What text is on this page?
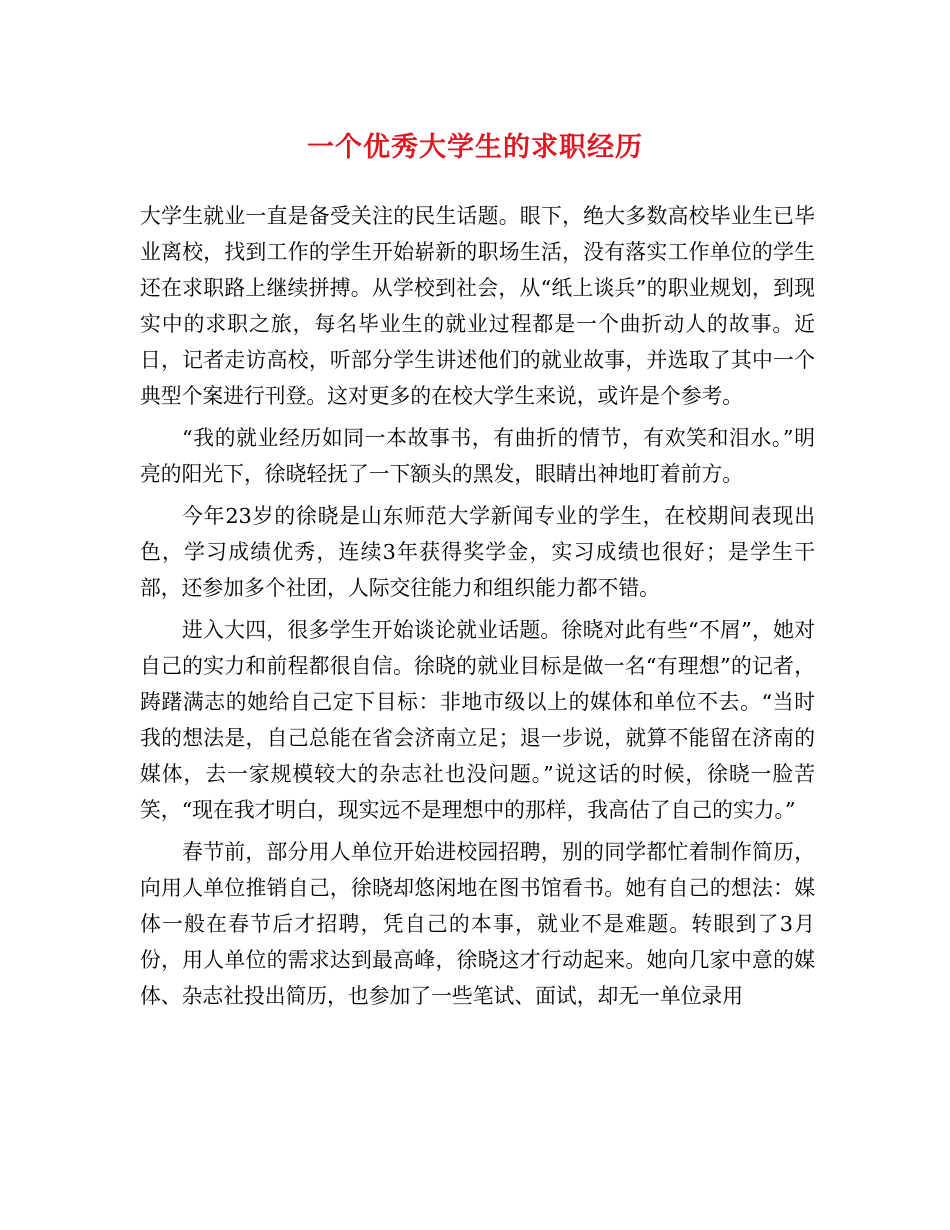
一个优秀大学生的求职经历

大学生就业一直是备受关注的民生话题。眼下，绝大多数高校毕业生已毕业离校，找到工作的学生开始崭新的职场生活，没有落实工作单位的学生还在求职路上继续拼搏。从学校到社会，从“纸上谈兵”的职业规划，到现实中的求职之旅，每名毕业生的就业过程都是一个曲折动人的故事。近日，记者走访高校，听部分学生讲述他们的就业故事，并选取了其中一个典型个案进行刊登。这对更多的在校大学生来说，或许是个参考。

“我的就业经历如同一本故事书，有曲折的情节，有欢笑和泪水。”明亮的阳光下，徐晓轻抚了一下额头的黑发，眼睛出神地盯着前方。

今年23岁的徐晓是山东师范大学新闻专业的学生，在校期间表现出色，学习成绩优秀，连续3年获得奖学金，实习成绩也很好；是学生干部，还参加多个社团，人际交往能力和组织能力都不错。

进入大四，很多学生开始谈论就业话题。徐晓对此有些“不屑”，她对自己的实力和前程都很自信。徐晓的就业目标是做一名“有理想”的记者，踌躇满志的她给自己定下目标：非地市级以上的媒体和单位不去。“当时我的想法是，自己总能在省会济南立足；退一步说，就算不能留在济南的媒体，去一家规模较大的杂志社也没问题。”说这话的时候，徐晓一脸苦笑，“现在我才明白，现实远不是理想中的那样，我高估了自己的实力。”

春节前，部分用人单位开始进校园招聘，别的同学都忙着制作简历，向用人单位推销自己，徐晓却悠闲地在图书馆看书。她有自己的想法：媒体一般在春节后才招聘，凭自己的本事，就业不是难题。转眼到了3月份，用人单位的需求达到最高峰，徐晓这才行动起来。她向几家中意的媒体、杂志社投出简历，也参加了一些笔试、面试，却无一单位录用
